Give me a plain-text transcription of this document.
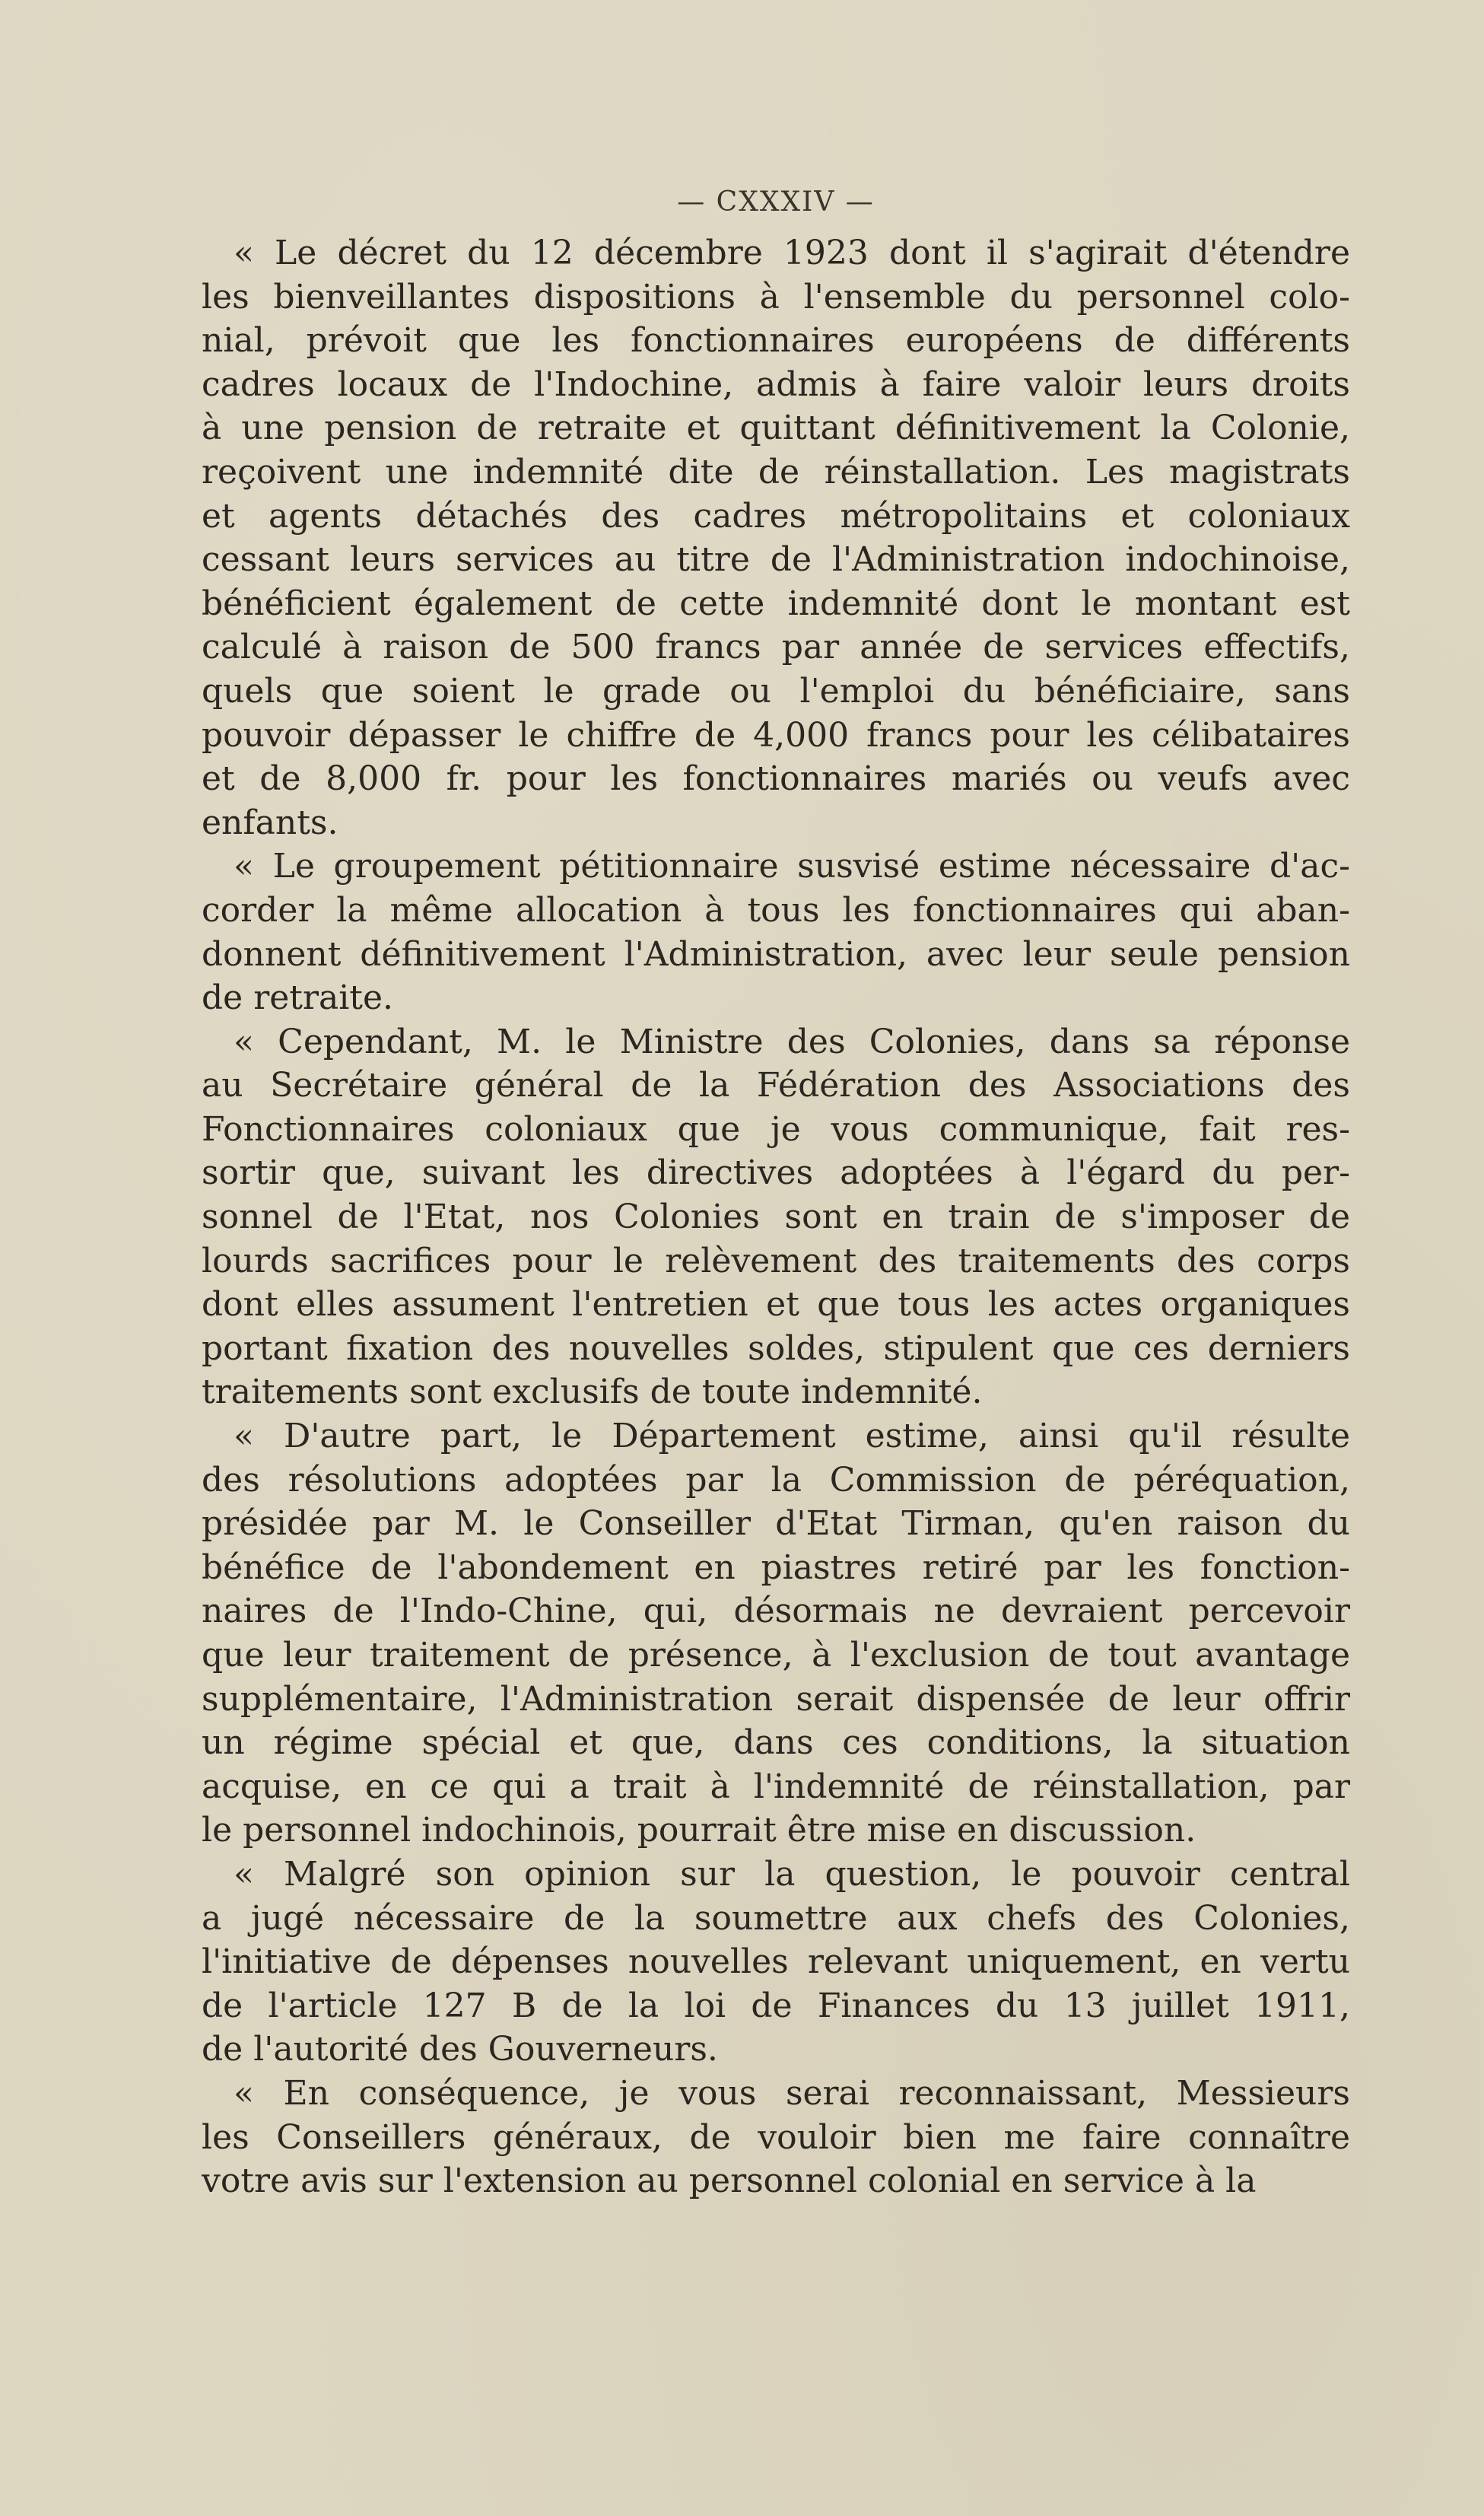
— CXXXIV —
« Le décret du 12 décembre 1923 dont il s'agirait d'étendre
les bienveillantes dispositions à l'ensemble du personnel colo-
nial, prévoit que les fonctionnaires européens de différents
cadres locaux de l'Indochine, admis à faire valoir leurs droits
à une pension de retraite et quittant définitivement la Colonie,
reçoivent une indemnité dite de réinstallation. Les magistrats
et agents détachés des cadres métropolitains et coloniaux
cessant leurs services au titre de l'Administration indochinoise,
bénéficient également de cette indemnité dont le montant est
calculé à raison de 500 francs par année de services effectifs,
quels que soient le grade ou l'emploi du bénéficiaire, sans
pouvoir dépasser le chiffre de 4,000 francs pour les célibataires
et de 8,000 fr. pour les fonctionnaires mariés ou veufs avec
enfants.
« Le groupement pétitionnaire susvisé estime nécessaire d'ac-
corder la même allocation à tous les fonctionnaires qui aban-
donnent définitivement l'Administration, avec leur seule pension
de retraite.
« Cependant, M. le Ministre des Colonies, dans sa réponse
au Secrétaire général de la Fédération des Associations des
Fonctionnaires coloniaux que je vous communique, fait res-
sortir que, suivant les directives adoptées à l'égard du per-
sonnel de l'Etat, nos Colonies sont en train de s'imposer de
lourds sacrifices pour le relèvement des traitements des corps
dont elles assument l'entretien et que tous les actes organiques
portant fixation des nouvelles soldes, stipulent que ces derniers
traitements sont exclusifs de toute indemnité.
« D'autre part, le Département estime, ainsi qu'il résulte
des résolutions adoptées par la Commission de péréquation,
présidée par M. le Conseiller d'Etat Tirman, qu'en raison du
bénéfice de l'abondement en piastres retiré par les fonction-
naires de l'Indo-Chine, qui, désormais ne devraient percevoir
que leur traitement de présence, à l'exclusion de tout avantage
supplémentaire, l'Administration serait dispensée de leur offrir
un régime spécial et que, dans ces conditions, la situation
acquise, en ce qui a trait à l'indemnité de réinstallation, par
le personnel indochinois, pourrait être mise en discussion.
« Malgré son opinion sur la question, le pouvoir central
a jugé nécessaire de la soumettre aux chefs des Colonies,
l'initiative de dépenses nouvelles relevant uniquement, en vertu
de l'article 127 B de la loi de Finances du 13 juillet 1911,
de l'autorité des Gouverneurs.
« En conséquence, je vous serai reconnaissant, Messieurs
les Conseillers généraux, de vouloir bien me faire connaître
votre avis sur l'extension au personnel colonial en service à la
